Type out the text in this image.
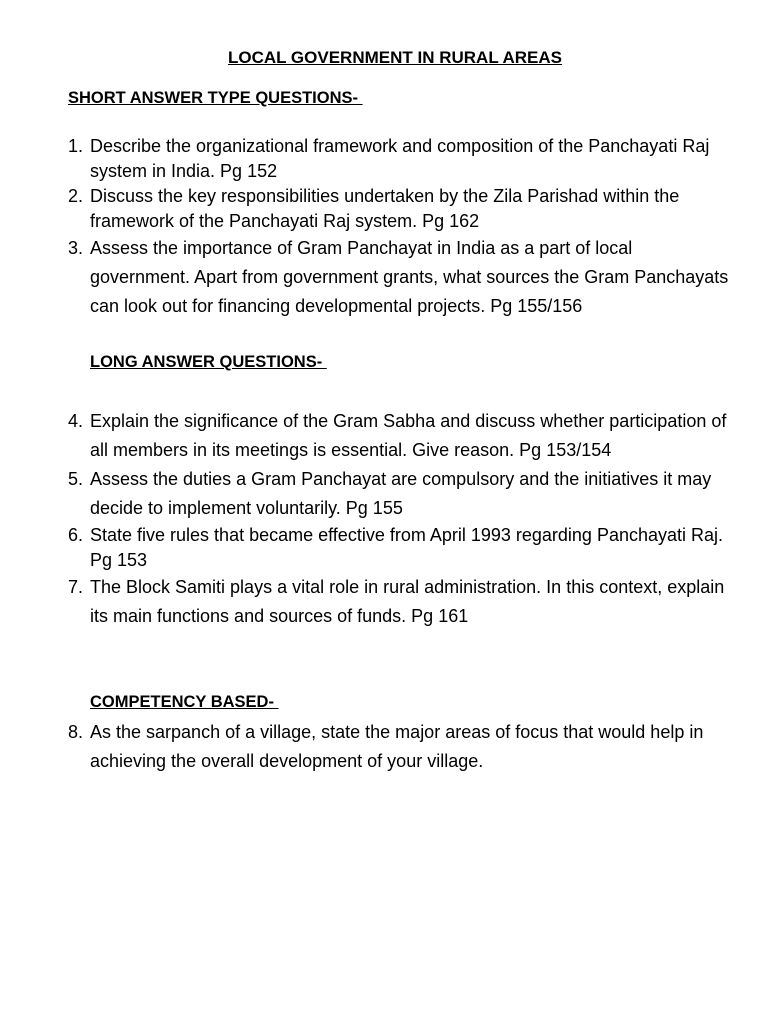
LOCAL GOVERNMENT IN RURAL AREAS
SHORT ANSWER TYPE QUESTIONS-
1. Describe the organizational framework and composition of the Panchayati Raj system in India. Pg 152
2. Discuss the key responsibilities undertaken by the Zila Parishad within the framework of the Panchayati Raj system. Pg 162
3. Assess the importance of Gram Panchayat in India as a part of local government. Apart from government grants, what sources the Gram Panchayats can look out for financing developmental projects. Pg 155/156
LONG ANSWER QUESTIONS-
4. Explain the significance of the Gram Sabha and discuss whether participation of all members in its meetings is essential. Give reason. Pg 153/154
5. Assess the duties a Gram Panchayat are compulsory and the initiatives it may decide to implement voluntarily. Pg 155
6. State five rules that became effective from April 1993 regarding Panchayati Raj. Pg 153
7. The Block Samiti plays a vital role in rural administration. In this context, explain its main functions and sources of funds. Pg 161
COMPETENCY BASED-
8. As the sarpanch of a village, state the major areas of focus that would help in achieving the overall development of your village.
